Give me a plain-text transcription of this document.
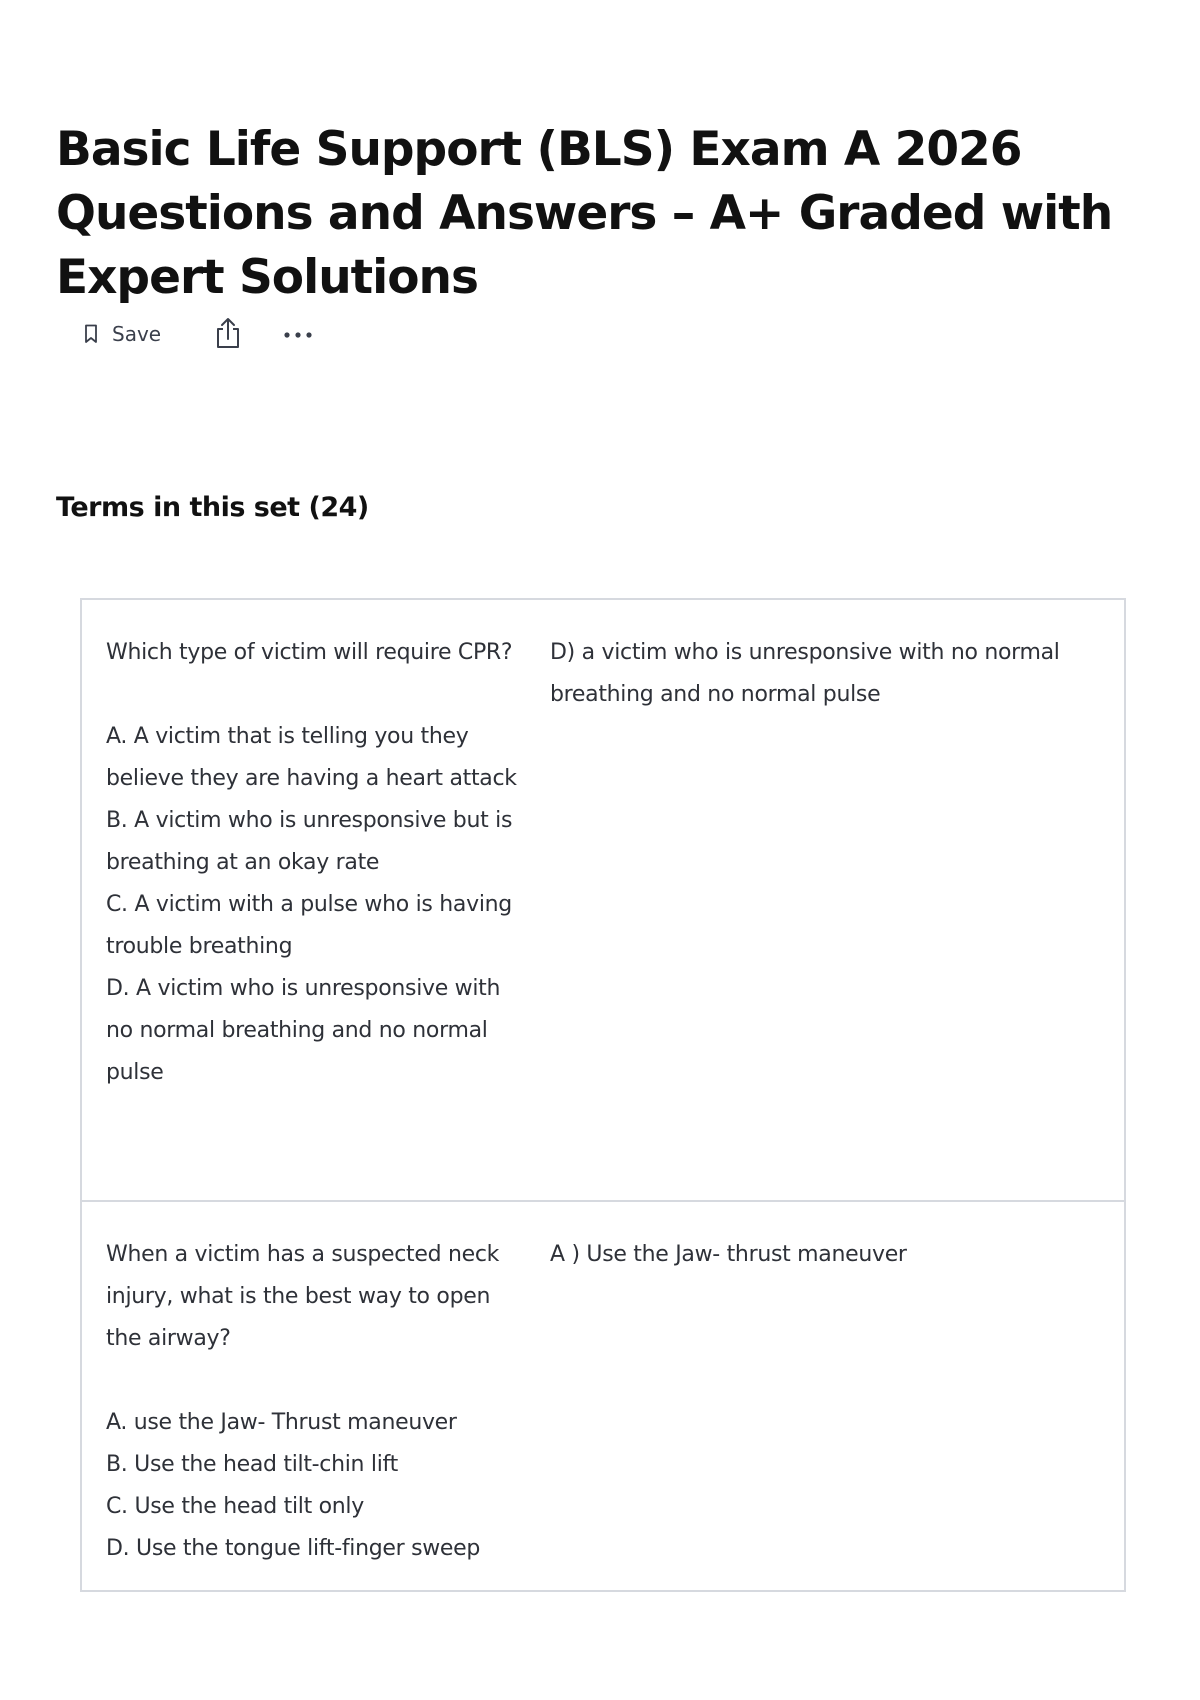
Basic Life Support (BLS) Exam A 2026 Questions and Answers – A+ Graded with Expert Solutions
Save
Terms in this set (24)
Which type of victim will require CPR?
A. A victim that is telling you they believe they are having a heart attack
B. A victim who is unresponsive but is breathing at an okay rate
C. A victim with a pulse who is having trouble breathing
D. A victim who is unresponsive with no normal breathing and no normal pulse
D) a victim who is unresponsive with no normal breathing and no normal pulse
When a victim has a suspected neck injury, what is the best way to open the airway?
A. use the Jaw- Thrust maneuver
B. Use the head tilt-chin lift
C. Use the head tilt only
D. Use the tongue lift-finger sweep
A ) Use the Jaw- thrust maneuver
